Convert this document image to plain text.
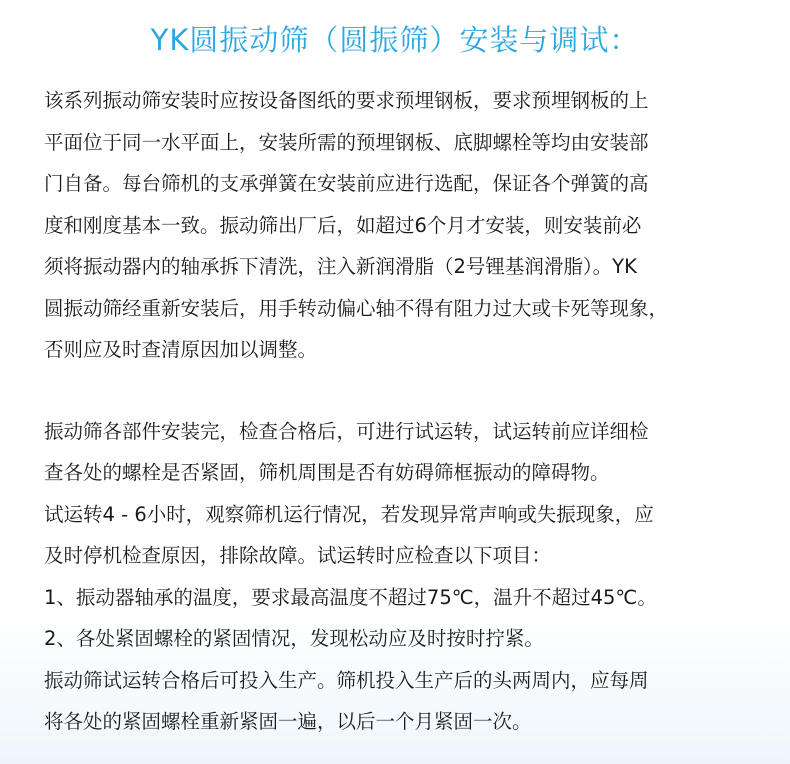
YK圆振动筛（圆振筛）安装与调试：
该系列振动筛安装时应按设备图纸的要求预埋钢板，要求预埋钢板的上
平面位于同一水平面上，安装所需的预埋钢板、底脚螺栓等均由安装部
门自备。每台筛机的支承弹簧在安装前应进行选配，保证各个弹簧的高
度和刚度基本一致。振动筛出厂后，如超过6个月才安装，则安装前必
须将振动器内的轴承拆下清洗，注入新润滑脂（2号锂基润滑脂）。YK
圆振动筛经重新安装后，用手转动偏心轴不得有阻力过大或卡死等现象，
否则应及时查清原因加以调整。
振动筛各部件安装完，检查合格后，可进行试运转，试运转前应详细检
查各处的螺栓是否紧固，筛机周围是否有妨碍筛框振动的障碍物。
试运转4 - 6小时，观察筛机运行情况，若发现异常声响或失振现象，应
及时停机检查原因，排除故障。试运转时应检查以下项目：
1、振动器轴承的温度，要求最高温度不超过75℃，温升不超过45℃。
2、各处紧固螺栓的紧固情况，发现松动应及时按时拧紧。
振动筛试运转合格后可投入生产。筛机投入生产后的头两周内，应每周
将各处的紧固螺栓重新紧固一遍，以后一个月紧固一次。
